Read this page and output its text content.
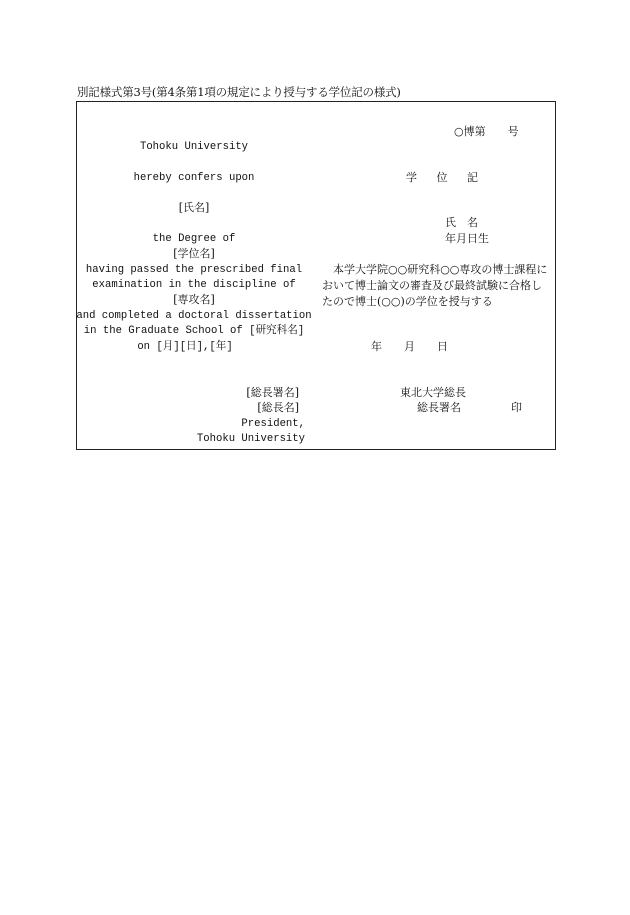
別記様式第3号(第4条第1項の規定により授与する学位記の様式)
○博第　　号
Tohoku University
hereby confers upon
[氏名]
the Degree of
[学位名]
having passed the prescribed final
examination in the discipline of
[専攻名]
and completed a doctoral dissertation
in the Graduate School of [研究科名]
on [月][日],[年]
[総長署名]
[総長名]
President,
Tohoku University
学 位 記
氏　名
年月日生
　本学大学院○○研究科○○専攻の博士課程において博士論文の審査及び最終試験に合格したので博士(○○)の学位を授与する
年　　月　　日
東北大学総長
総長署名	印
